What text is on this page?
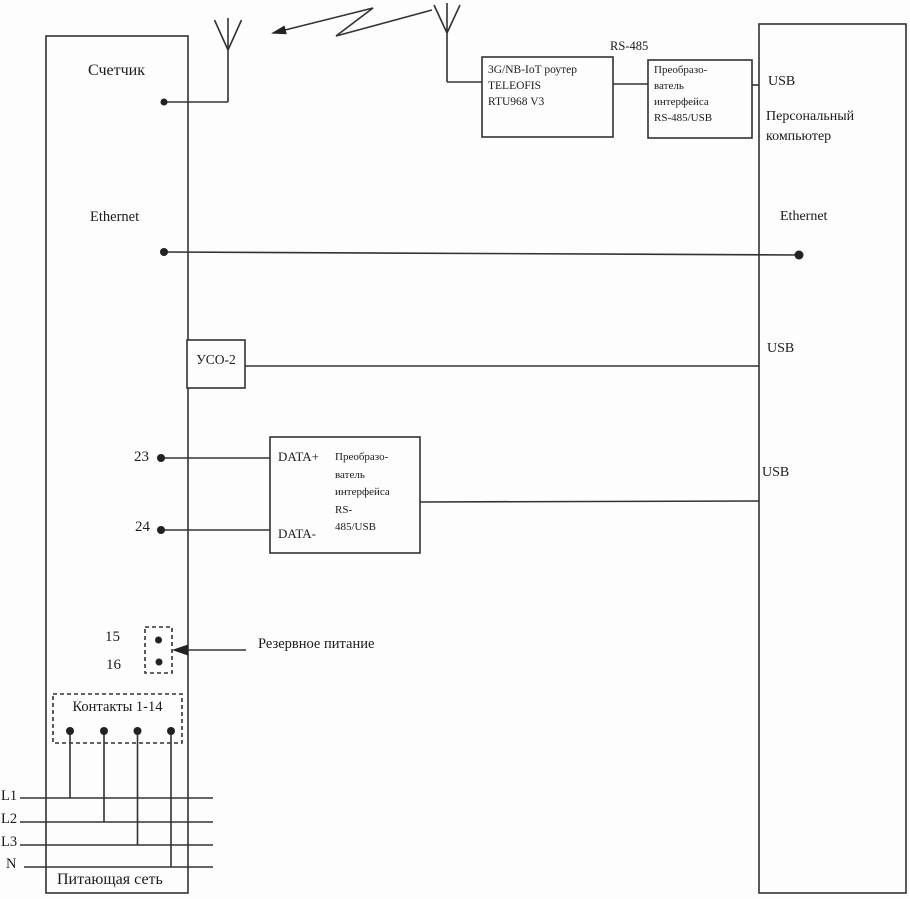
Счетчик
Ethernet
УСО-2
23
24
15
16
Резервное питание
Контакты 1-14
L1
L2
L3
N
Питающая сеть
3G/NB-IoT роутер
TELEOFIS
RTU968 V3
RS-485
Преобразо-
ватель
интерфейса
RS-485/USB
USB
Персональный
компьютер
Ethernet
USB
USB
DATA+
DATA-
Преобразо-
ватель
интерфейса
RS-
485/USB
